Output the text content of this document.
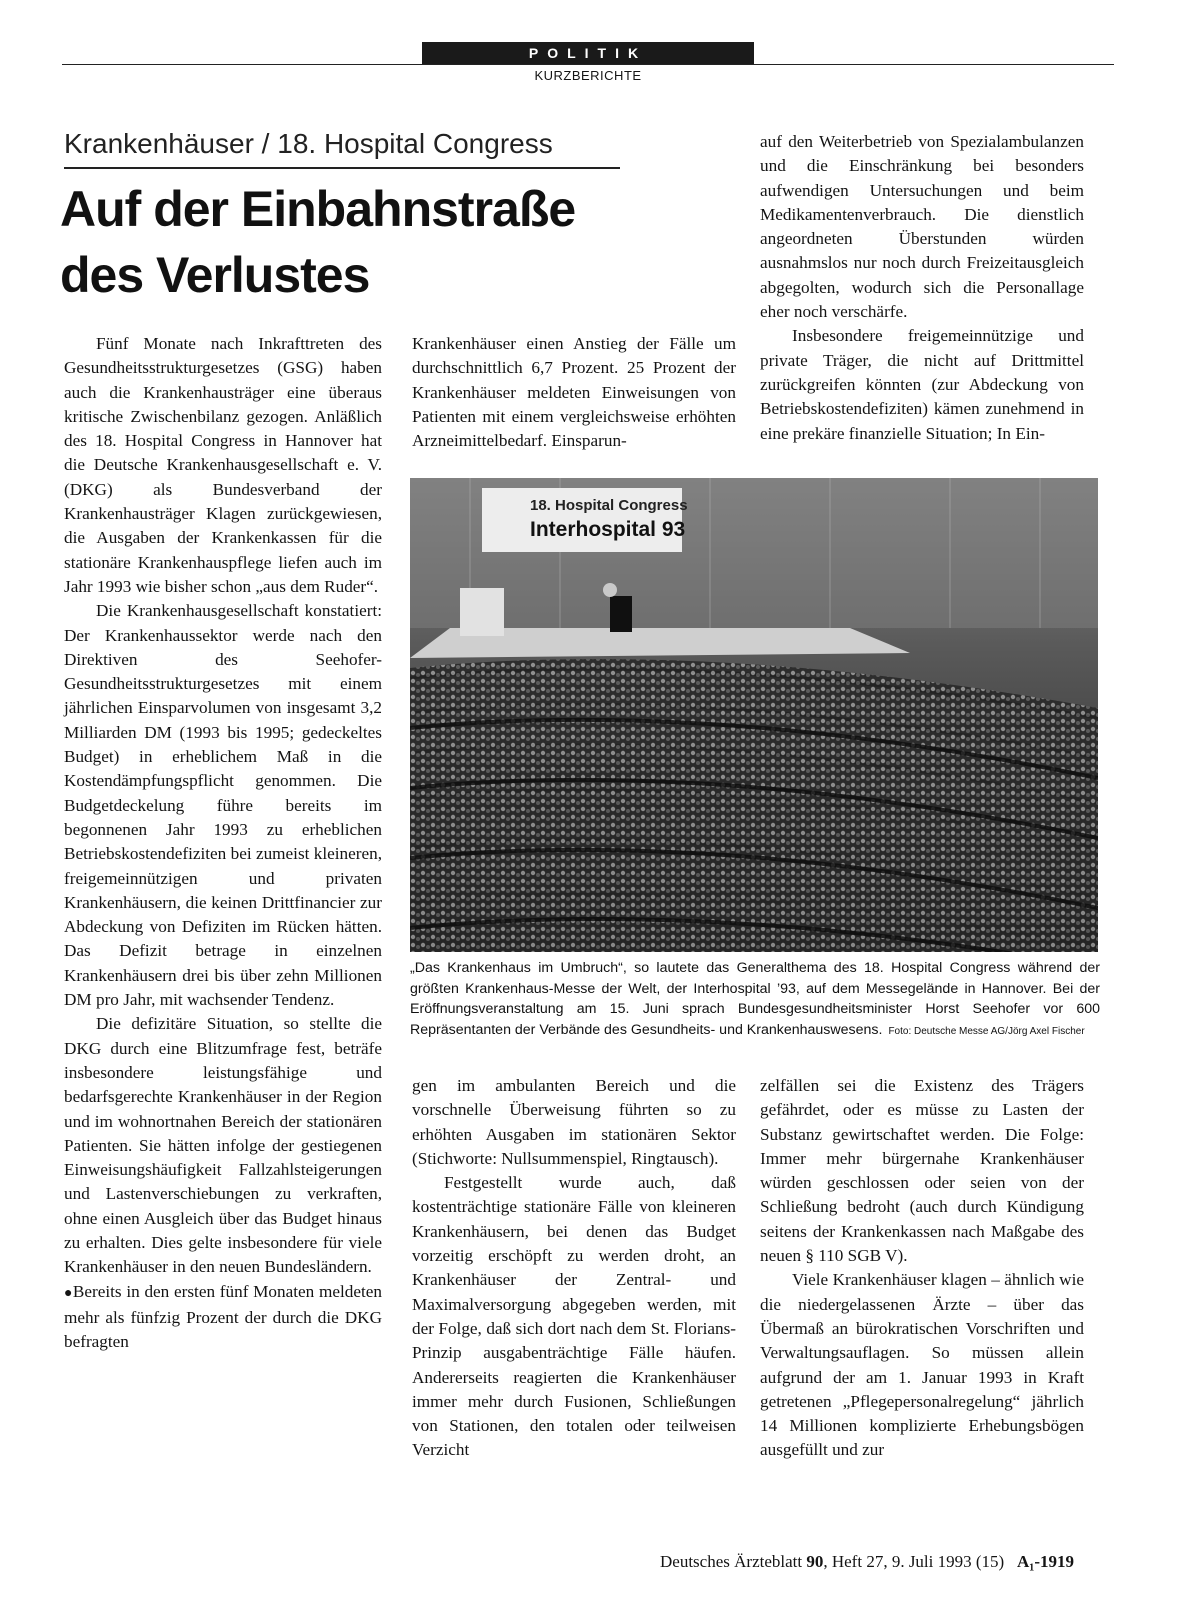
POLITIK
KURZBERICHTE
Krankenhäuser / 18. Hospital Congress
Auf der Einbahnstraße
des Verlustes

Fünf Monate nach Inkrafttreten des Gesundheitsstrukturgesetzes (GSG) haben auch die Krankenhausträger eine überaus kritische Zwischenbilanz gezogen. Anläßlich des 18. Hospital Congress in Hannover hat die Deutsche Krankenhausgesellschaft e. V. (DKG) als Bundesverband der Krankenhausträger Klagen zurückgewiesen, die Ausgaben der Krankenkassen für die stationäre Krankenhauspflege liefen auch im Jahr 1993 wie bisher schon „aus dem Ruder“.

Die Krankenhausgesellschaft konstatiert: Der Krankenhaussektor werde nach den Direktiven des Seehofer-Gesundheitsstrukturgesetzes mit einem jährlichen Einsparvolumen von insgesamt 3,2 Milliarden DM (1993 bis 1995; gedeckeltes Budget) in erheblichem Maß in die Kostendämpfungspflicht genommen. Die Budgetdeckelung führe bereits im begonnenen Jahr 1993 zu erheblichen Betriebskostendefiziten bei zumeist kleineren, freigemeinnützigen und privaten Krankenhäusern, die keinen Drittfinancier zur Abdeckung von Defiziten im Rücken hätten. Das Defizit betrage in einzelnen Krankenhäusern drei bis über zehn Millionen DM pro Jahr, mit wachsender Tendenz.

Die defizitäre Situation, so stellte die DKG durch eine Blitzumfrage fest, beträfe insbesondere leistungsfähige und bedarfsgerechte Krankenhäuser in der Region und im wohnortnahen Bereich der stationären Patienten. Sie hätten infolge der gestiegenen Einweisungshäufigkeit Fallzahlsteigerungen und Lastenverschiebungen zu verkraften, ohne einen Ausgleich über das Budget hinaus zu erhalten. Dies gelte insbesondere für viele Krankenhäuser in den neuen Bundesländern.

● Bereits in den ersten fünf Monaten meldeten mehr als fünfzig Prozent der durch die DKG befragten

Krankenhäuser einen Anstieg der Fälle um durchschnittlich 6,7 Prozent. 25 Prozent der Krankenhäuser meldeten Einweisungen von Patienten mit einem vergleichsweise erhöhten Arzneimittelbedarf. Einsparun-

auf den Weiterbetrieb von Spezialambulanzen und die Einschränkung bei besonders aufwendigen Untersuchungen und beim Medikamentenverbrauch. Die dienstlich angeordneten Überstunden würden ausnahmslos nur noch durch Freizeitausgleich abgegolten, wodurch sich die Personallage eher noch verschärfe.

Insbesondere freigemeinnützige und private Träger, die nicht auf Drittmittel zurückgreifen könnten (zur Abdeckung von Betriebskostendefiziten) kämen zunehmend in eine prekäre finanzielle Situation; In Ein-

18. Hospital Congress
Interhospital 93
„Das Krankenhaus im Umbruch“, so lautete das Generalthema des 18. Hospital Congress während der größten Krankenhaus-Messe der Welt, der Interhospital ’93, auf dem Messegelände in Hannover. Bei der Eröffnungsveranstaltung am 15. Juni sprach Bundesgesundheitsminister Horst Seehofer vor 600 Repräsentanten der Verbände des Gesundheits- und Krankenhauswesens. Foto: Deutsche Messe AG/Jörg Axel Fischer

gen im ambulanten Bereich und die vorschnelle Überweisung führten so zu erhöhten Ausgaben im stationären Sektor (Stichworte: Nullsummenspiel, Ringtausch).

Festgestellt wurde auch, daß kostenträchtige stationäre Fälle von kleineren Krankenhäusern, bei denen das Budget vorzeitig erschöpft zu werden droht, an Krankenhäuser der Zentral- und Maximalversorgung abgegeben werden, mit der Folge, daß sich dort nach dem St. Florians-Prinzip ausgabenträchtige Fälle häufen. Andererseits reagierten die Krankenhäuser immer mehr durch Fusionen, Schließungen von Stationen, den totalen oder teilweisen Verzicht

zelfällen sei die Existenz des Trägers gefährdet, oder es müsse zu Lasten der Substanz gewirtschaftet werden. Die Folge: Immer mehr bürgernahe Krankenhäuser würden geschlossen oder seien von der Schließung bedroht (auch durch Kündigung seitens der Krankenkassen nach Maßgabe des neuen § 110 SGB V).

Viele Krankenhäuser klagen – ähnlich wie die niedergelassenen Ärzte – über das Übermaß an bürokratischen Vorschriften und Verwaltungsauflagen. So müssen allein aufgrund der am 1. Januar 1993 in Kraft getretenen „Pflegepersonalregelung“ jährlich 14 Millionen komplizierte Erhebungsbögen ausgefüllt und zur

Deutsches Ärzteblatt 90, Heft 27, 9. Juli 1993 (15) A₁-1919
